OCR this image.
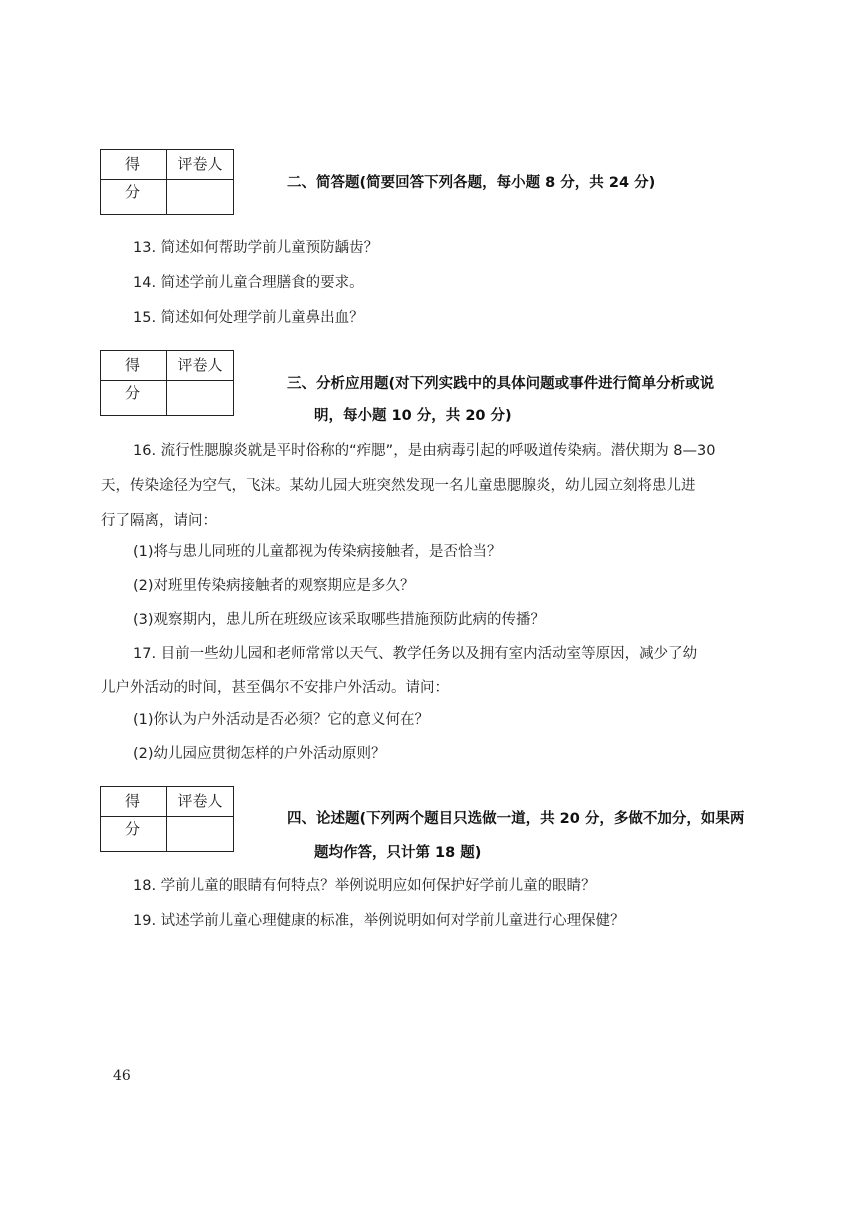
得 分
评卷人
二、简答题(简要回答下列各题，每小题 8 分，共 24 分)
13. 简述如何帮助学前儿童预防龋齿？
14. 简述学前儿童合理膳食的要求。
15. 简述如何处理学前儿童鼻出血？
得 分
评卷人
三、分析应用题(对下列实践中的具体问题或事件进行简单分析或说
明，每小题 10 分，共 20 分)
16. 流行性腮腺炎就是平时俗称的“痄腮”，是由病毒引起的呼吸道传染病。潜伏期为 8—30
天，传染途径为空气，飞沫。某幼儿园大班突然发现一名儿童患腮腺炎，幼儿园立刻将患儿进
行了隔离，请问：
(1)将与患儿同班的儿童都视为传染病接触者，是否恰当？
(2)对班里传染病接触者的观察期应是多久？
(3)观察期内，患儿所在班级应该采取哪些措施预防此病的传播？
17. 目前一些幼儿园和老师常常以天气、教学任务以及拥有室内活动室等原因，减少了幼
儿户外活动的时间，甚至偶尔不安排户外活动。请问：
(1)你认为户外活动是否必须？它的意义何在？
(2)幼儿园应贯彻怎样的户外活动原则？
得 分
评卷人
四、论述题(下列两个题目只选做一道，共 20 分，多做不加分，如果两
题均作答，只计第 18 题)
18. 学前儿童的眼睛有何特点？举例说明应如何保护好学前儿童的眼睛？
19. 试述学前儿童心理健康的标准，举例说明如何对学前儿童进行心理保健？
46
